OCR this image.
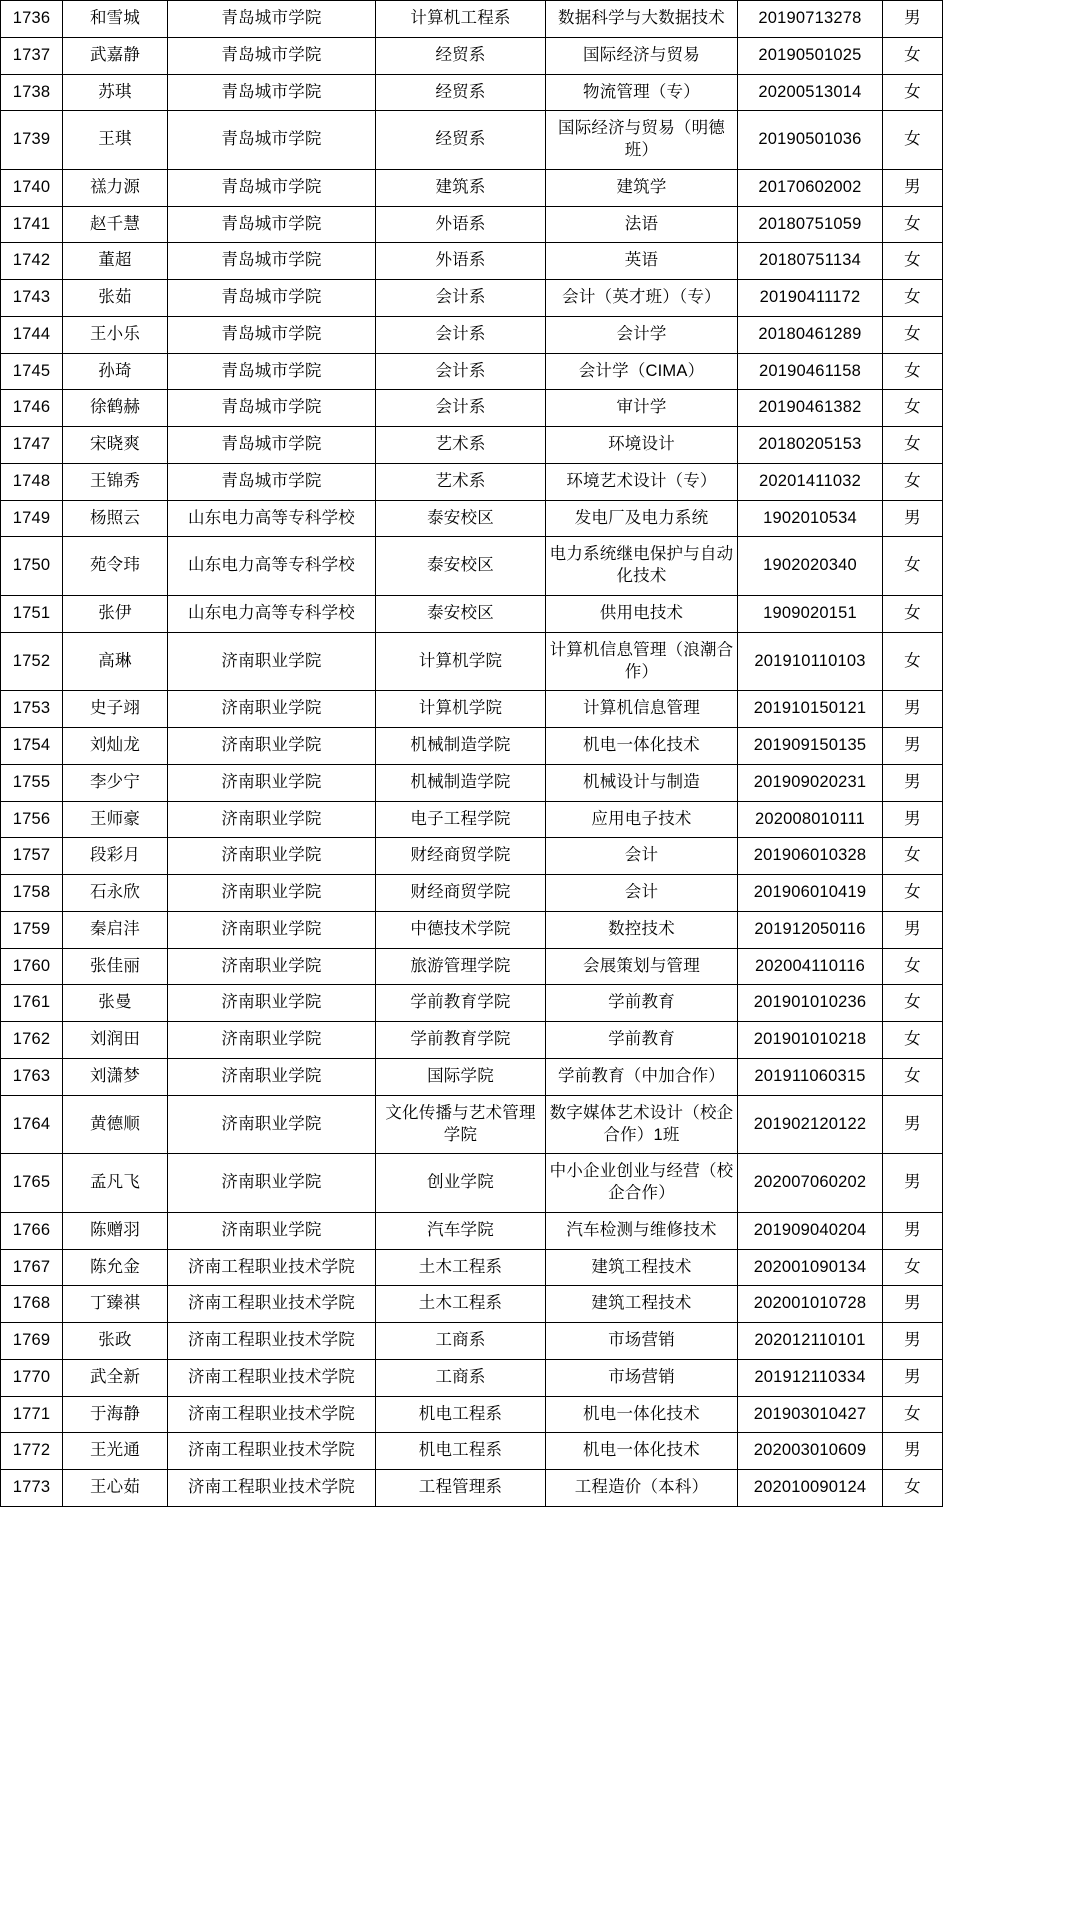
1736	和雪城	青岛城市学院	计算机工程系	数据科学与大数据技术	20190713278	男
1737	武嘉静	青岛城市学院	经贸系	国际经济与贸易	20190501025	女
1738	苏琪	青岛城市学院	经贸系	物流管理（专）	20200513014	女
1739	王琪	青岛城市学院	经贸系	国际经济与贸易（明德班）	20190501036	女
1740	禚力源	青岛城市学院	建筑系	建筑学	20170602002	男
1741	赵千慧	青岛城市学院	外语系	法语	20180751059	女
1742	董超	青岛城市学院	外语系	英语	20180751134	女
1743	张茹	青岛城市学院	会计系	会计（英才班）（专）	20190411172	女
1744	王小乐	青岛城市学院	会计系	会计学	20180461289	女
1745	孙琦	青岛城市学院	会计系	会计学（CIMA）	20190461158	女
1746	徐鹤赫	青岛城市学院	会计系	审计学	20190461382	女
1747	宋晓爽	青岛城市学院	艺术系	环境设计	20180205153	女
1748	王锦秀	青岛城市学院	艺术系	环境艺术设计（专）	20201411032	女
1749	杨照云	山东电力高等专科学校	泰安校区	发电厂及电力系统	1902010534	男
1750	苑令玮	山东电力高等专科学校	泰安校区	电力系统继电保护与自动化技术	1902020340	女
1751	张伊	山东电力高等专科学校	泰安校区	供用电技术	1909020151	女
1752	高琳	济南职业学院	计算机学院	计算机信息管理（浪潮合作）	201910110103	女
1753	史子翊	济南职业学院	计算机学院	计算机信息管理	201910150121	男
1754	刘灿龙	济南职业学院	机械制造学院	机电一体化技术	201909150135	男
1755	李少宁	济南职业学院	机械制造学院	机械设计与制造	201909020231	男
1756	王师豪	济南职业学院	电子工程学院	应用电子技术	202008010111	男
1757	段彩月	济南职业学院	财经商贸学院	会计	201906010328	女
1758	石永欣	济南职业学院	财经商贸学院	会计	201906010419	女
1759	秦启沣	济南职业学院	中德技术学院	数控技术	201912050116	男
1760	张佳丽	济南职业学院	旅游管理学院	会展策划与管理	202004110116	女
1761	张曼	济南职业学院	学前教育学院	学前教育	201901010236	女
1762	刘润田	济南职业学院	学前教育学院	学前教育	201901010218	女
1763	刘潇梦	济南职业学院	国际学院	学前教育（中加合作）	201911060315	女
1764	黄德顺	济南职业学院	文化传播与艺术管理学院	数字媒体艺术设计（校企合作）1班	201902120122	男
1765	孟凡飞	济南职业学院	创业学院	中小企业创业与经营（校企合作）	202007060202	男
1766	陈赠羽	济南职业学院	汽车学院	汽车检测与维修技术	201909040204	男
1767	陈允金	济南工程职业技术学院	土木工程系	建筑工程技术	202001090134	女
1768	丁臻祺	济南工程职业技术学院	土木工程系	建筑工程技术	202001010728	男
1769	张政	济南工程职业技术学院	工商系	市场营销	202012110101	男
1770	武全新	济南工程职业技术学院	工商系	市场营销	201912110334	男
1771	于海静	济南工程职业技术学院	机电工程系	机电一体化技术	201903010427	女
1772	王光通	济南工程职业技术学院	机电工程系	机电一体化技术	202003010609	男
1773	王心茹	济南工程职业技术学院	工程管理系	工程造价（本科）	202010090124	女
